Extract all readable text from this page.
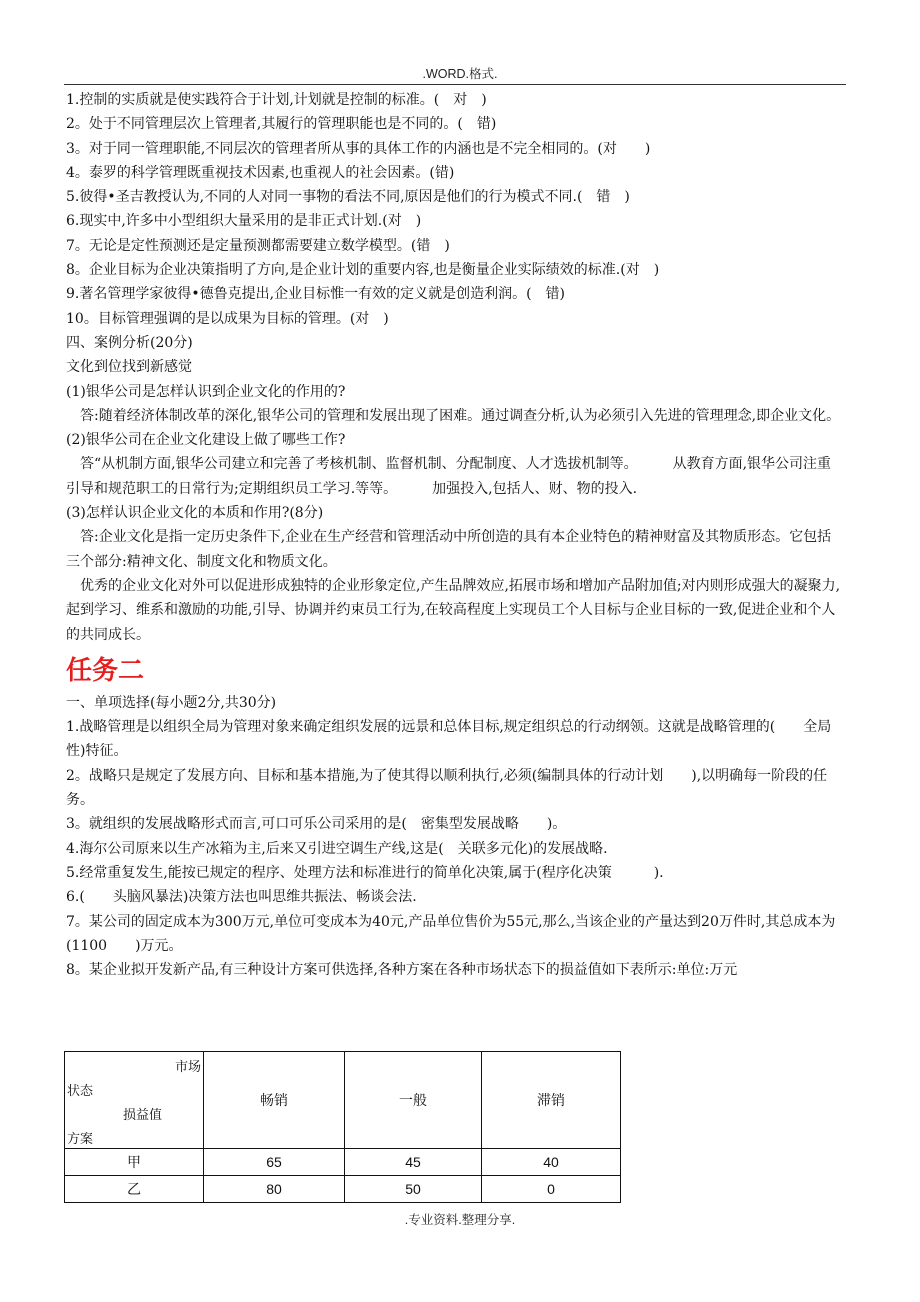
.WORD.格式.

1.控制的实质就是使实践符合于计划,计划就是控制的标准。(　对　)

2。处于不同管理层次上管理者,其履行的管理职能也是不同的。(　错)

3。对于同一管理职能,不同层次的管理者所从事的具体工作的内涵也是不完全相同的。(对　　)

4。泰罗的科学管理既重视技术因素,也重视人的社会因素。(错)

5.彼得•圣吉教授认为,不同的人对同一事物的看法不同,原因是他们的行为模式不同.(　错　)

6.现实中,许多中小型组织大量采用的是非正式计划.(对　)

7。无论是定性预测还是定量预测都需要建立数学模型。(错　)

8。企业目标为企业决策指明了方向,是企业计划的重要内容,也是衡量企业实际绩效的标准.(对　)

9.著名管理学家彼得•德鲁克提出,企业目标惟一有效的定义就是创造利润。(　错)

10。目标管理强调的是以成果为目标的管理。(对　)

四、案例分析(20分)

文化到位找到新感觉

(1)银华公司是怎样认识到企业文化的作用的?

答:随着经济体制改革的深化,银华公司的管理和发展出现了困难。通过调查分析,认为必须引入先进的管理理念,即企业文化。

(2)银华公司在企业文化建设上做了哪些工作?

答“从机制方面,银华公司建立和完善了考核机制、监督机制、分配制度、人才选拔机制等。　　　从教育方面,银华公司注重引导和规范职工的日常行为;定期组织员工学习.等等。　　　加强投入,包括人、财、物的投入.

(3)怎样认识企业文化的本质和作用?(8分)

答:企业文化是指一定历史条件下,企业在生产经营和管理活动中所创造的具有本企业特色的精神财富及其物质形态。它包括三个部分:精神文化、制度文化和物质文化。

优秀的企业文化对外可以促进形成独特的企业形象定位,产生品牌效应,拓展市场和增加产品附加值;对内则形成强大的凝聚力,起到学习、维系和激励的功能,引导、协调并约束员工行为,在较高程度上实现员工个人目标与企业目标的一致,促进企业和个人的共同成长。

任务二

一、单项选择(每小题2分,共30分)

1.战略管理是以组织全局为管理对象来确定组织发展的远景和总体目标,规定组织总的行动纲领。这就是战略管理的(　　全局性)特征。

2。战略只是规定了发展方向、目标和基本措施,为了使其得以顺利执行,必须(编制具体的行动计划　　),以明确每一阶段的任务。

3。就组织的发展战略形式而言,可口可乐公司采用的是(　密集型发展战略　　)。

4.海尔公司原来以生产冰箱为主,后来又引进空调生产线,这是(　关联多元化)的发展战略.

5.经常重复发生,能按已规定的程序、处理方法和标准进行的简单化决策,属于(程序化决策　　　).

6.(　　头脑风暴法)决策方法也叫思维共振法、畅谈会法.

7。某公司的固定成本为300万元,单位可变成本为40元,产品单位售价为55元,那么,当该企业的产量达到20万件时,其总成本为(1100　　)万元。

8。某企业拟开发新产品,有三种设计方案可供选择,各种方案在各种市场状态下的损益值如下表所示:单位:万元

市场
状态
损益值
方案	畅销	一般	滞销
甲	65	45	40
乙	80	50	0
.专业资料.整理分享.
